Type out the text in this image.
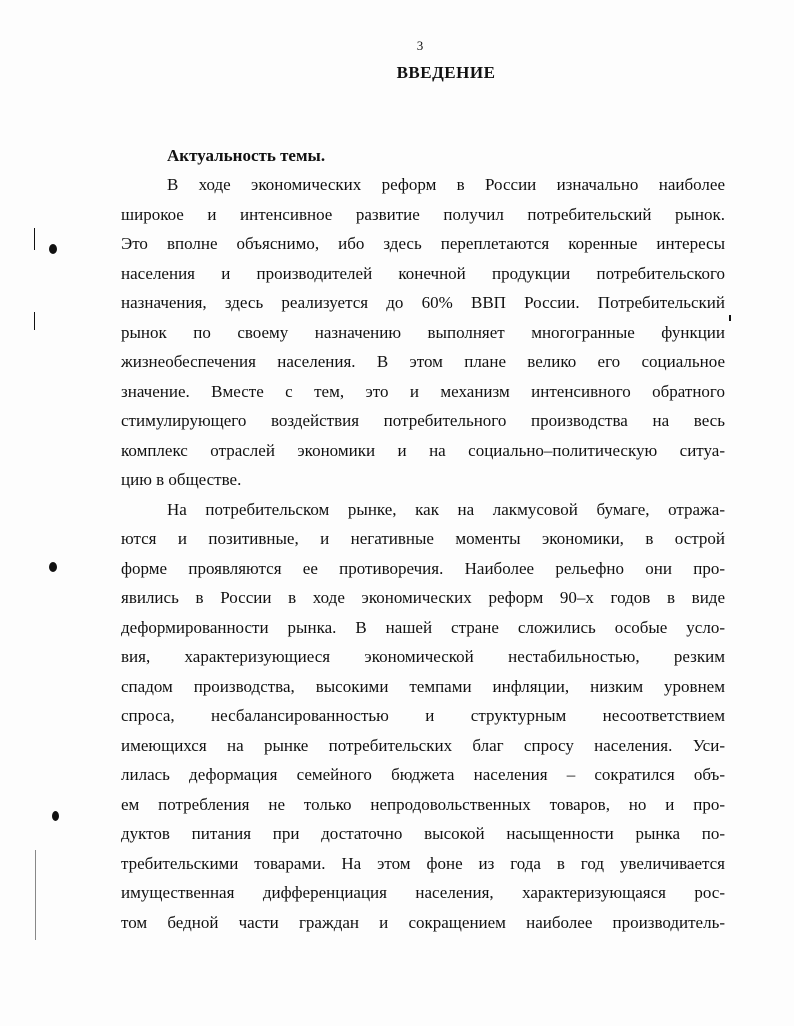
3
ВВЕДЕНИЕ
Актуальность темы.
В ходе экономических реформ в России изначально наиболее
широкое и интенсивное развитие получил потребительский рынок.
Это вполне объяснимо, ибо здесь переплетаются коренные интересы
населения и производителей конечной продукции потребительского
назначения, здесь реализуется до 60% ВВП России. Потребительский
рынок по своему назначению выполняет многогранные функции
жизнеобеспечения населения. В этом плане велико его социальное
значение. Вместе с тем, это и механизм интенсивного обратного
стимулирующего воздействия потребительного производства на весь
комплекс отраслей экономики и на социально–политическую ситуа-
цию в обществе.
На потребительском рынке, как на лакмусовой бумаге, отража-
ются и позитивные, и негативные моменты экономики, в острой
форме проявляются ее противоречия. Наиболее рельефно они про-
явились в России в ходе экономических реформ 90–х годов в виде
деформированности рынка. В нашей стране сложились особые усло-
вия, характеризующиеся экономической нестабильностью, резким
спадом производства, высокими темпами инфляции, низким уровнем
спроса, несбалансированностью и структурным несоответствием
имеющихся на рынке потребительских благ спросу населения. Уси-
лилась деформация семейного бюджета населения – сократился объ-
ем потребления не только непродовольственных товаров, но и про-
дуктов питания при достаточно высокой насыщенности рынка по-
требительскими товарами. На этом фоне из года в год увеличивается
имущественная дифференциация населения, характеризующаяся рос-
том бедной части граждан и сокращением наиболее производитель-
